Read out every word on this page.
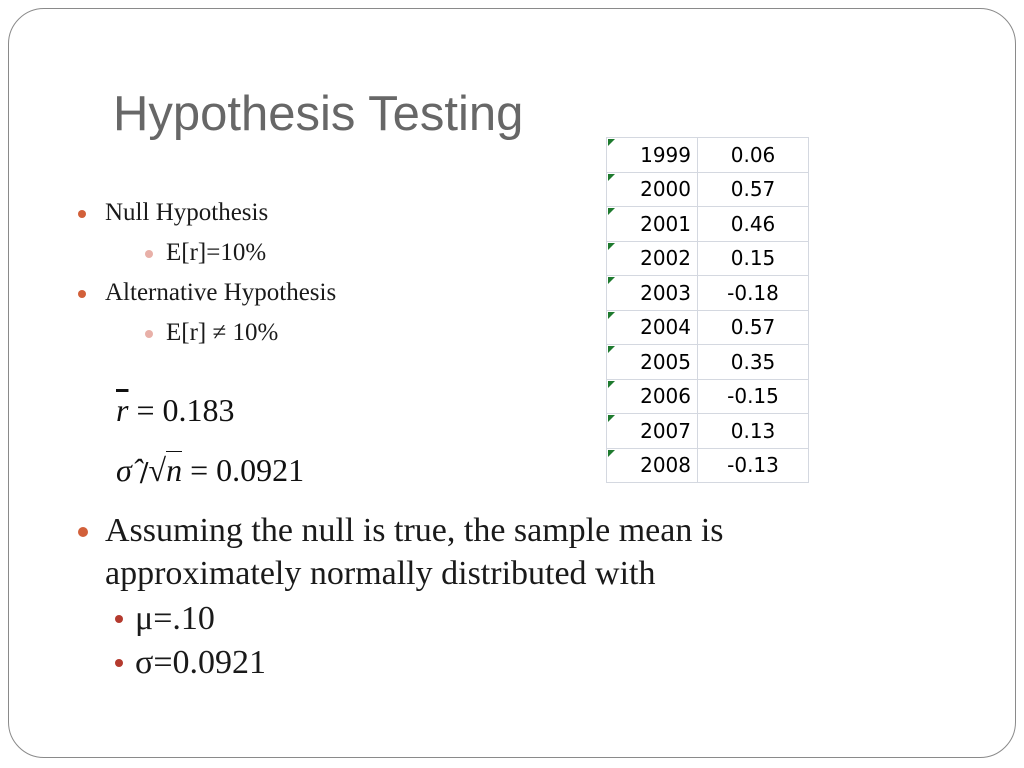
Hypothesis Testing
Null Hypothesis
E[r]=10%
Alternative Hypothesis
E[r] ≠ 10%
$\overline{r} = 0.183$
σ̂ /√n = 0.0921
Assuming the null is true, the sample mean is
approximately normally distributed with
μ=.10
σ=0.0921
1999	0.06

2000	0.57

2001	0.46

2002	0.15

2003	-0.18

2004	0.57

2005	0.35

2006	-0.15

2007	0.13

2008	-0.13
